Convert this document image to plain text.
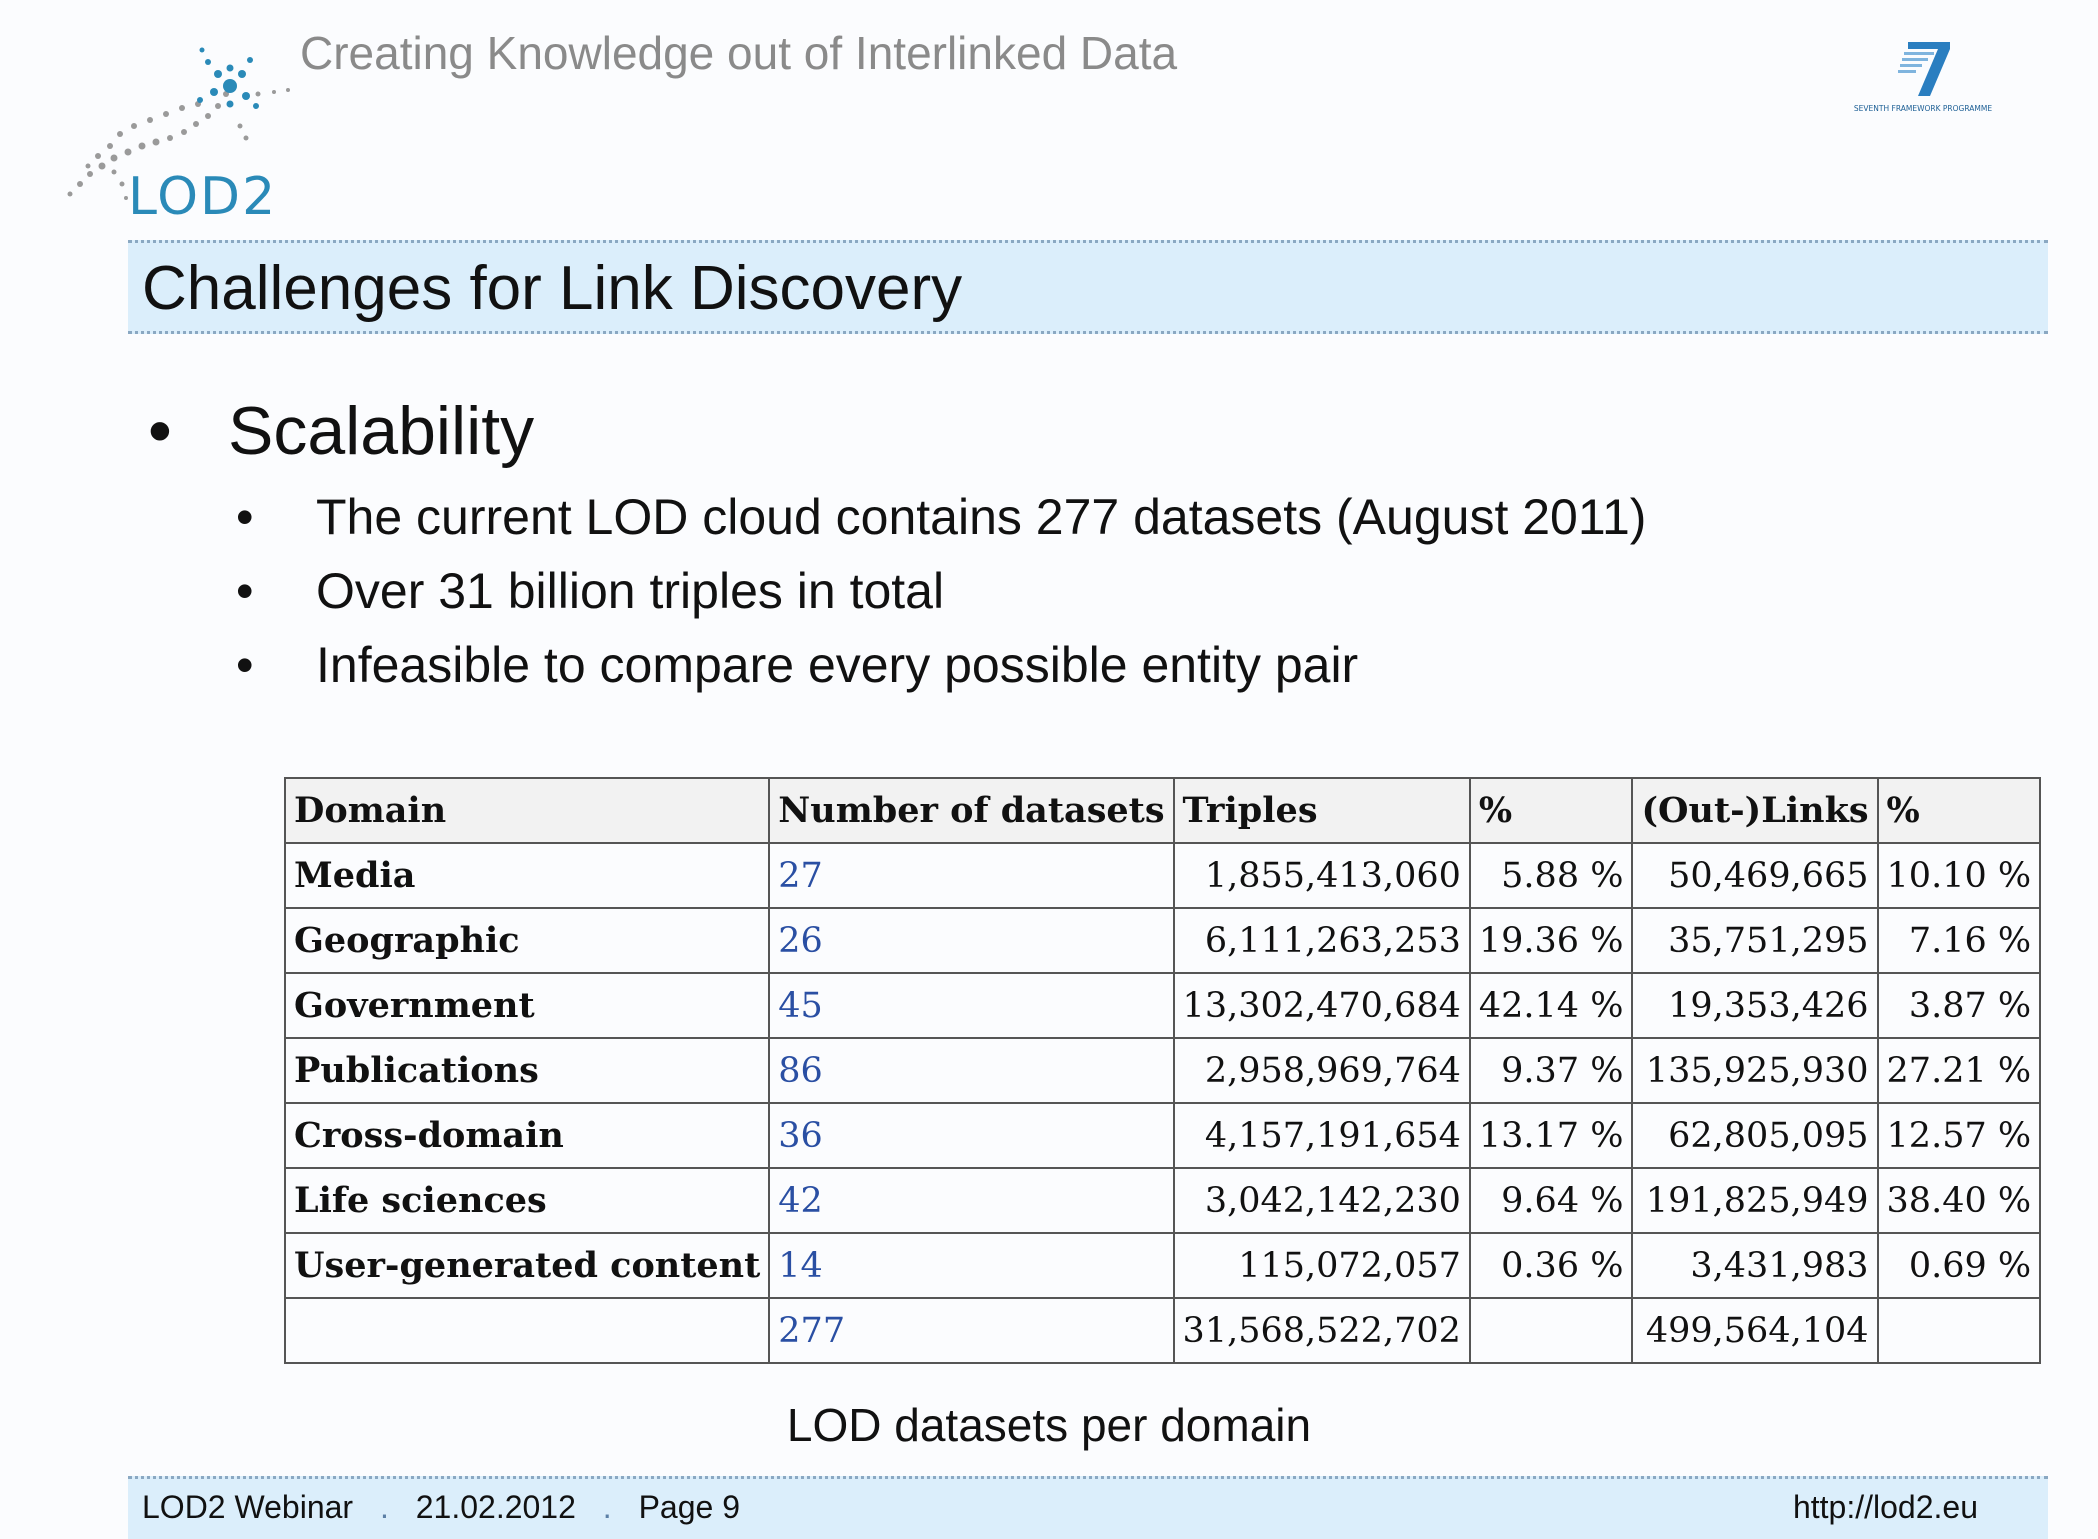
Creating Knowledge out of Interlinked Data
LOD2
SEVENTH FRAMEWORK PROGRAMME
Challenges for Link Discovery
• Scalability
• The current LOD cloud contains 277 datasets (August 2011)
• Over 31 billion triples in total
• Infeasible to compare every possible entity pair
Domain	Number of datasets	Triples	%	(Out-)Links	%
Media	27	1,855,413,060	5.88 %	50,469,665	10.10 %
Geographic	26	6,111,263,253	19.36 %	35,751,295	7.16 %
Government	45	13,302,470,684	42.14 %	19,353,426	3.87 %
Publications	86	2,958,969,764	9.37 %	135,925,930	27.21 %
Cross-domain	36	4,157,191,654	13.17 %	62,805,095	12.57 %
Life sciences	42	3,042,142,230	9.64 %	191,825,949	38.40 %
User-generated content	14	115,072,057	0.36 %	3,431,983	0.69 %
	277	31,568,522,702		499,564,104	
LOD datasets per domain
LOD2 Webinar . 21.02.2012 . Page 9	http://lod2.eu
